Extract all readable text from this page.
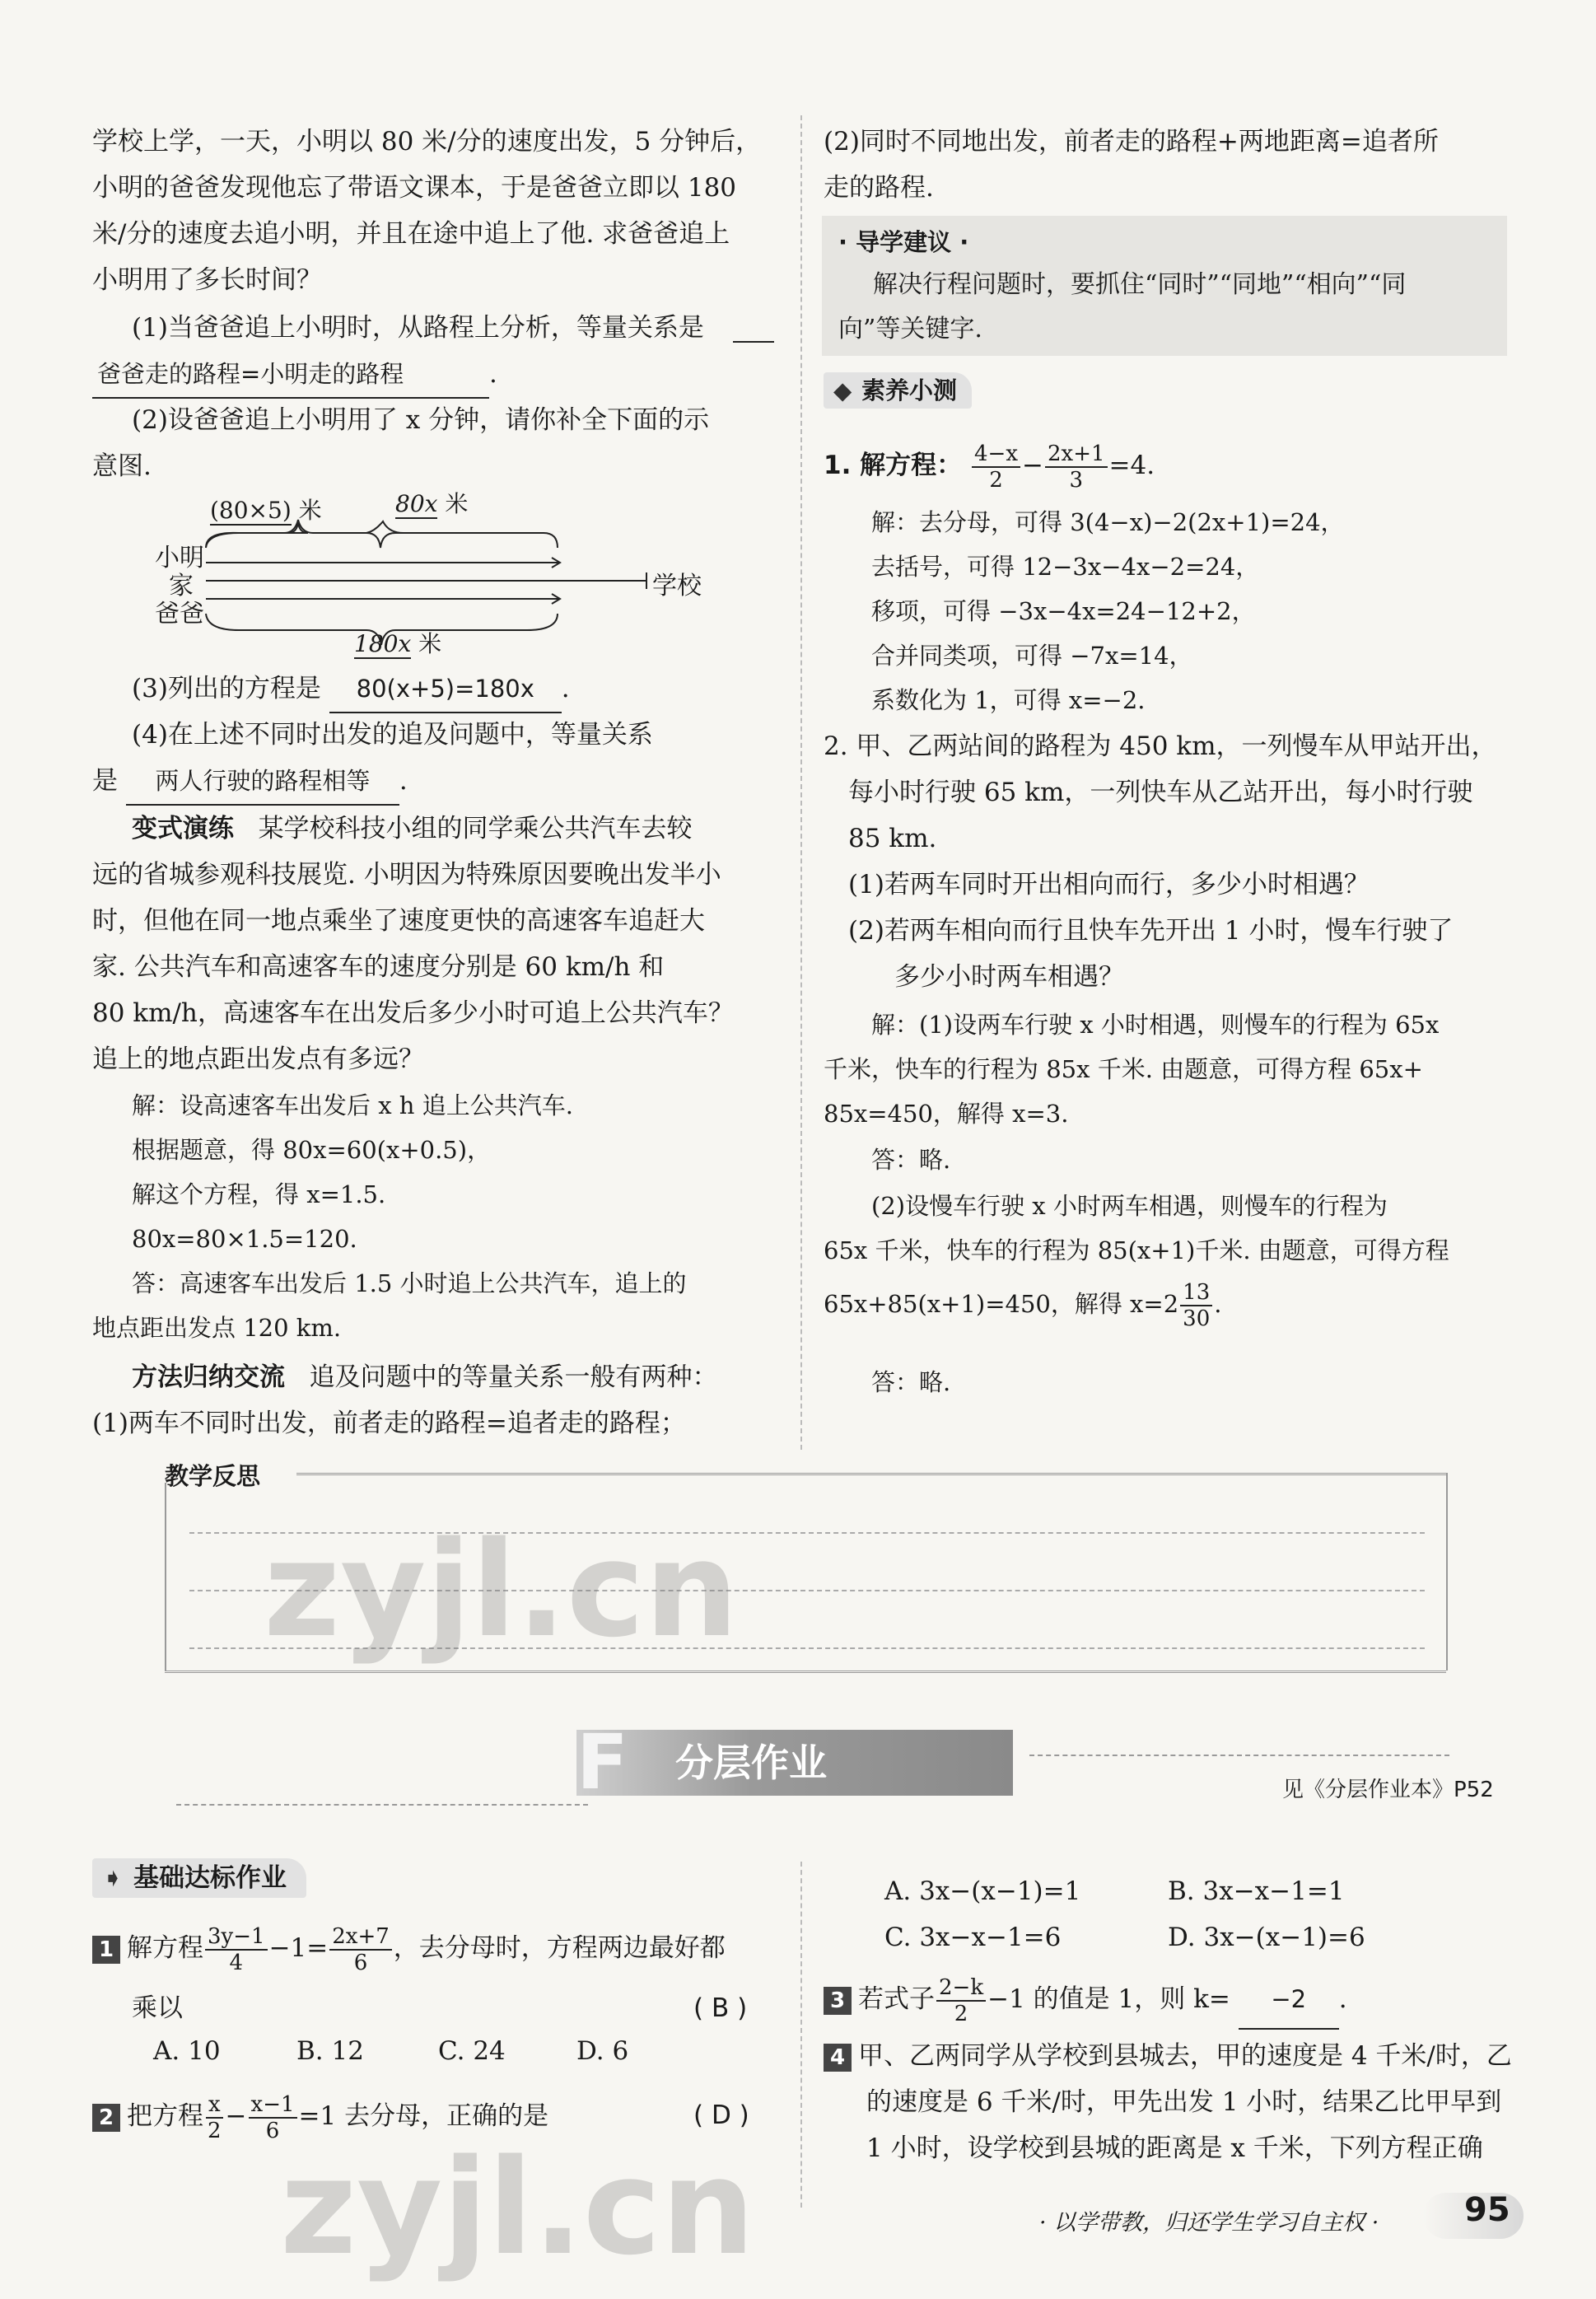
学校上学，一天，小明以 80 米/分的速度出发，5 分钟后，
小明的爸爸发现他忘了带语文课本，于是爸爸立即以 180
米/分的速度去追小明，并且在途中追上了他. 求爸爸追上
小明用了多长时间？
(1)当爸爸追上小明时，从路程上分析，等量关系是
爸爸走的路程=小明走的路程	.
(2)设爸爸追上小明用了 x 分钟，请你补全下面的示
意图.
(80×5) 米	80x 米
小明
家
爸爸
学校
180x 米
(3)列出的方程是 80(x+5)=180x .
(4)在上述不同时出发的追及问题中，等量关系
是 两人行驶的路程相等 .
变式演练 某学校科技小组的同学乘公共汽车去较
远的省城参观科技展览. 小明因为特殊原因要晚出发半小
时，但他在同一地点乘坐了速度更快的高速客车追赶大
家. 公共汽车和高速客车的速度分别是 60 km/h 和
80 km/h，高速客车在出发后多少小时可追上公共汽车？
追上的地点距出发点有多远？
解：设高速客车出发后 x h 追上公共汽车.
根据题意，得 80x=60(x+0.5)，
解这个方程，得 x=1.5.
80x=80×1.5=120.
答：高速客车出发后 1.5 小时追上公共汽车，追上的
地点距出发点 120 km.
方法归纳交流 追及问题中的等量关系一般有两种：
(1)两车不同时出发，前者走的路程=追者走的路程；
(2)同时不同地出发，前者走的路程+两地距离=追者所
走的路程.
· 导学建议 ·
解决行程问题时，要抓住“同时”“同地”“相向”“同
向”等关键字.
◆ 素养小测
1. 解方程： $\frac{4-x}{2} - \frac{2x+1}{3} =4$.
解：去分母，可得 3(4−x)−2(2x+1)=24，
去括号，可得 12−3x−4x−2=24，
移项，可得 −3x−4x=24−12+2，
合并同类项，可得 −7x=14，
系数化为 1，可得 x=−2.
2. 甲、乙两站间的路程为 450 km，一列慢车从甲站开出，
每小时行驶 65 km，一列快车从乙站开出，每小时行驶
85 km.
(1)若两车同时开出相向而行，多少小时相遇？
(2)若两车相向而行且快车先开出 1 小时，慢车行驶了
多少小时两车相遇？
解：(1)设两车行驶 x 小时相遇，则慢车的行程为 65x
千米，快车的行程为 85x 千米. 由题意，可得方程 65x+
85x=450，解得 x=3.
答：略.
(2)设慢车行驶 x 小时两车相遇，则慢车的行程为
65x 千米，快车的行程为 85(x+1)千米. 由题意，可得方程
65x+85(x+1)=450，解得 $x=2 \frac{13}{30}$ .
答：略.
教学反思
F 分层作业
见《分层作业本》P52
➧ 基础达标作业
1 解方程 $\frac{3y-1}{4} -1= \frac{2x+7}{6}$ ，去分母时，方程两边最好都
乘以	( B )
A. 10	B. 12	C. 24	D. 6
2 把方程 $\frac{x}{2} - \frac{x-1}{6} =1$ 去分母，正确的是	( D )
A. 3x−(x−1)=1	B. 3x−x−1=1
C. 3x−x−1=6	D. 3x−(x−1)=6
3 若式子 $\frac{2-k}{2} -1$ 的值是 1，则 k= −2 .
4 甲、乙两同学从学校到县城去，甲的速度是 4 千米/时，乙
的速度是 6 千米/时，甲先出发 1 小时，结果乙比甲早到
1 小时，设学校到县城的距离是 x 千米，下列方程正确
· 以学带教，归还学生学习自主权 ·	95
zyjl.cn
zyjl.cn
